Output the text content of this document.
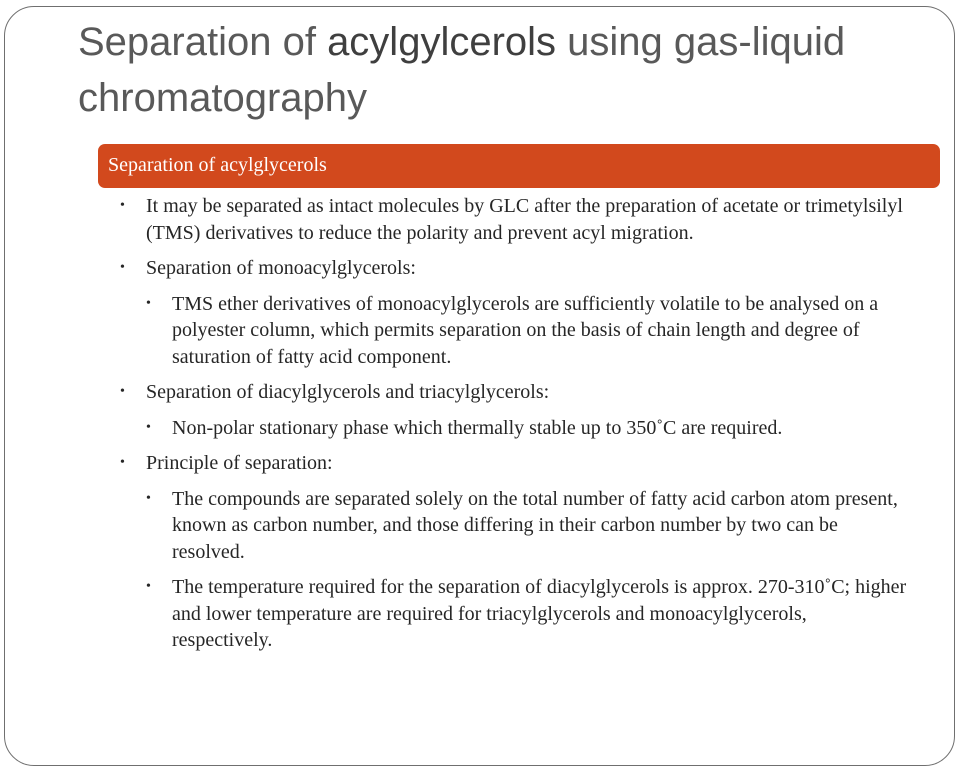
Separation of acylgylcerols using gas-liquid chromatography
Separation of acylglycerols
• It may be separated as intact molecules by GLC after the preparation of acetate or trimetylsilyl (TMS) derivatives to reduce the polarity and prevent acyl migration.
• Separation of monoacylglycerols:
• TMS ether derivatives of monoacylglycerols are sufficiently volatile to be analysed on a polyester column, which permits separation on the basis of chain length and degree of saturation of fatty acid component.
• Separation of diacylglycerols and triacylglycerols:
• Non-polar stationary phase which thermally stable up to 350˚C are required.
• Principle of separation:
• The compounds are separated solely on the total number of fatty acid carbon atom present, known as carbon number, and those differing in their carbon number by two can be resolved.
• The temperature required for the separation of diacylglycerols is approx. 270-310˚C; higher and lower temperature are required for triacylglycerols and monoacylglycerols, respectively.
